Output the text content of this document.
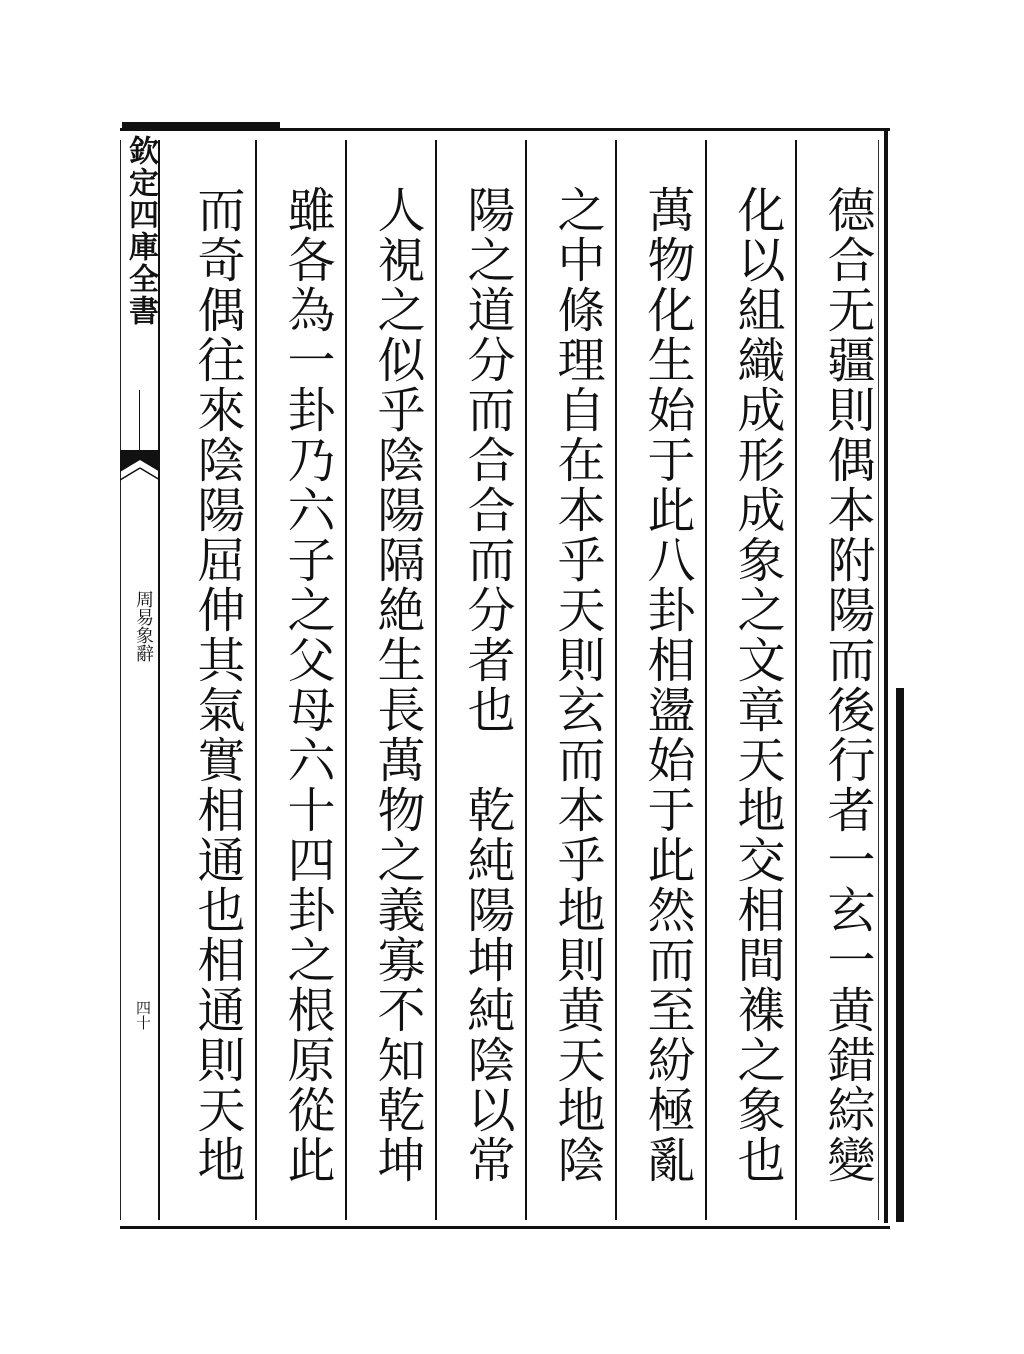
欽定四庫全書
周易象辭
四十	德合无疆則偶本附陽而後行者一玄一黄錯綜變
化以組織成形成象之文章天地交相間襍之象也
萬物化生始于此八卦相盪始于此然而至紛極亂
之中條理自在本乎天則玄而本乎地則黄天地陰
陽之道分而合合而分者也　乾純陽坤純陰以常
人視之似乎陰陽隔絶生長萬物之義寡不知乾坤
雖各為一卦乃六子之父母六十四卦之根原從此
而奇偶往來陰陽屈伸其氣實相通也相通則天地
